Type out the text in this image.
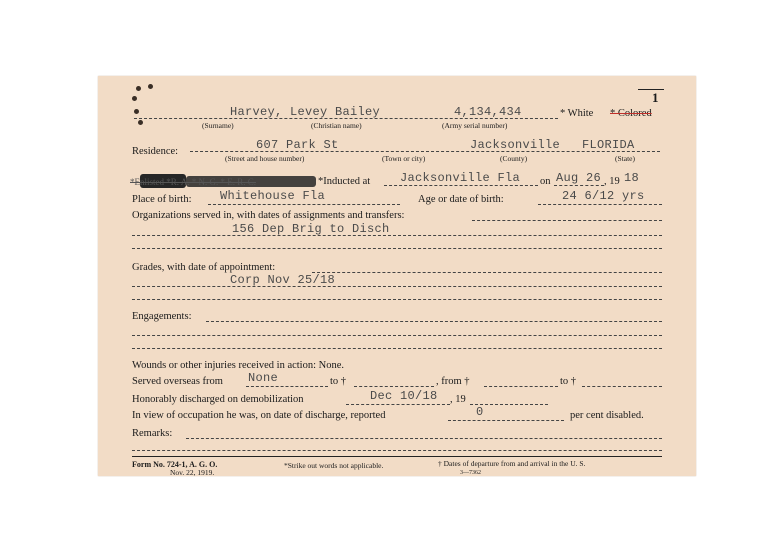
1
Harvey, Levey Bailey	4,134,434	* White * Colored
(Surname)	(Christian name)	(Army serial number)
Residence:	607 Park St	Jacksonville FLORIDA
(Street and house number)	(Town or city)	(County)	(State)
*Enlisted *R. A. * N. G. * E. R. C.	*Inducted at Jacksonville Fla on Aug 26 , 19 18
Place of birth: Whitehouse Fla	Age or date of birth:	24 6/12 yrs
Organizations served in, with dates of assignments and transfers:
156 Dep Brig to Disch
Grades, with date of appointment:
Corp Nov 25/18
Engagements:
Wounds or other injuries received in action: None.
Served overseas from None	to †	, from †	to †
Honorably discharged on demobilization	Dec 10/18 , 19
In view of occupation he was, on date of discharge, reported	0	per cent disabled.
Remarks:
Form No. 724-1, A. G. O.
Nov. 22, 1919.
*Strike out words not applicable.	† Dates of departure from and arrival in the U. S.
3—7362
